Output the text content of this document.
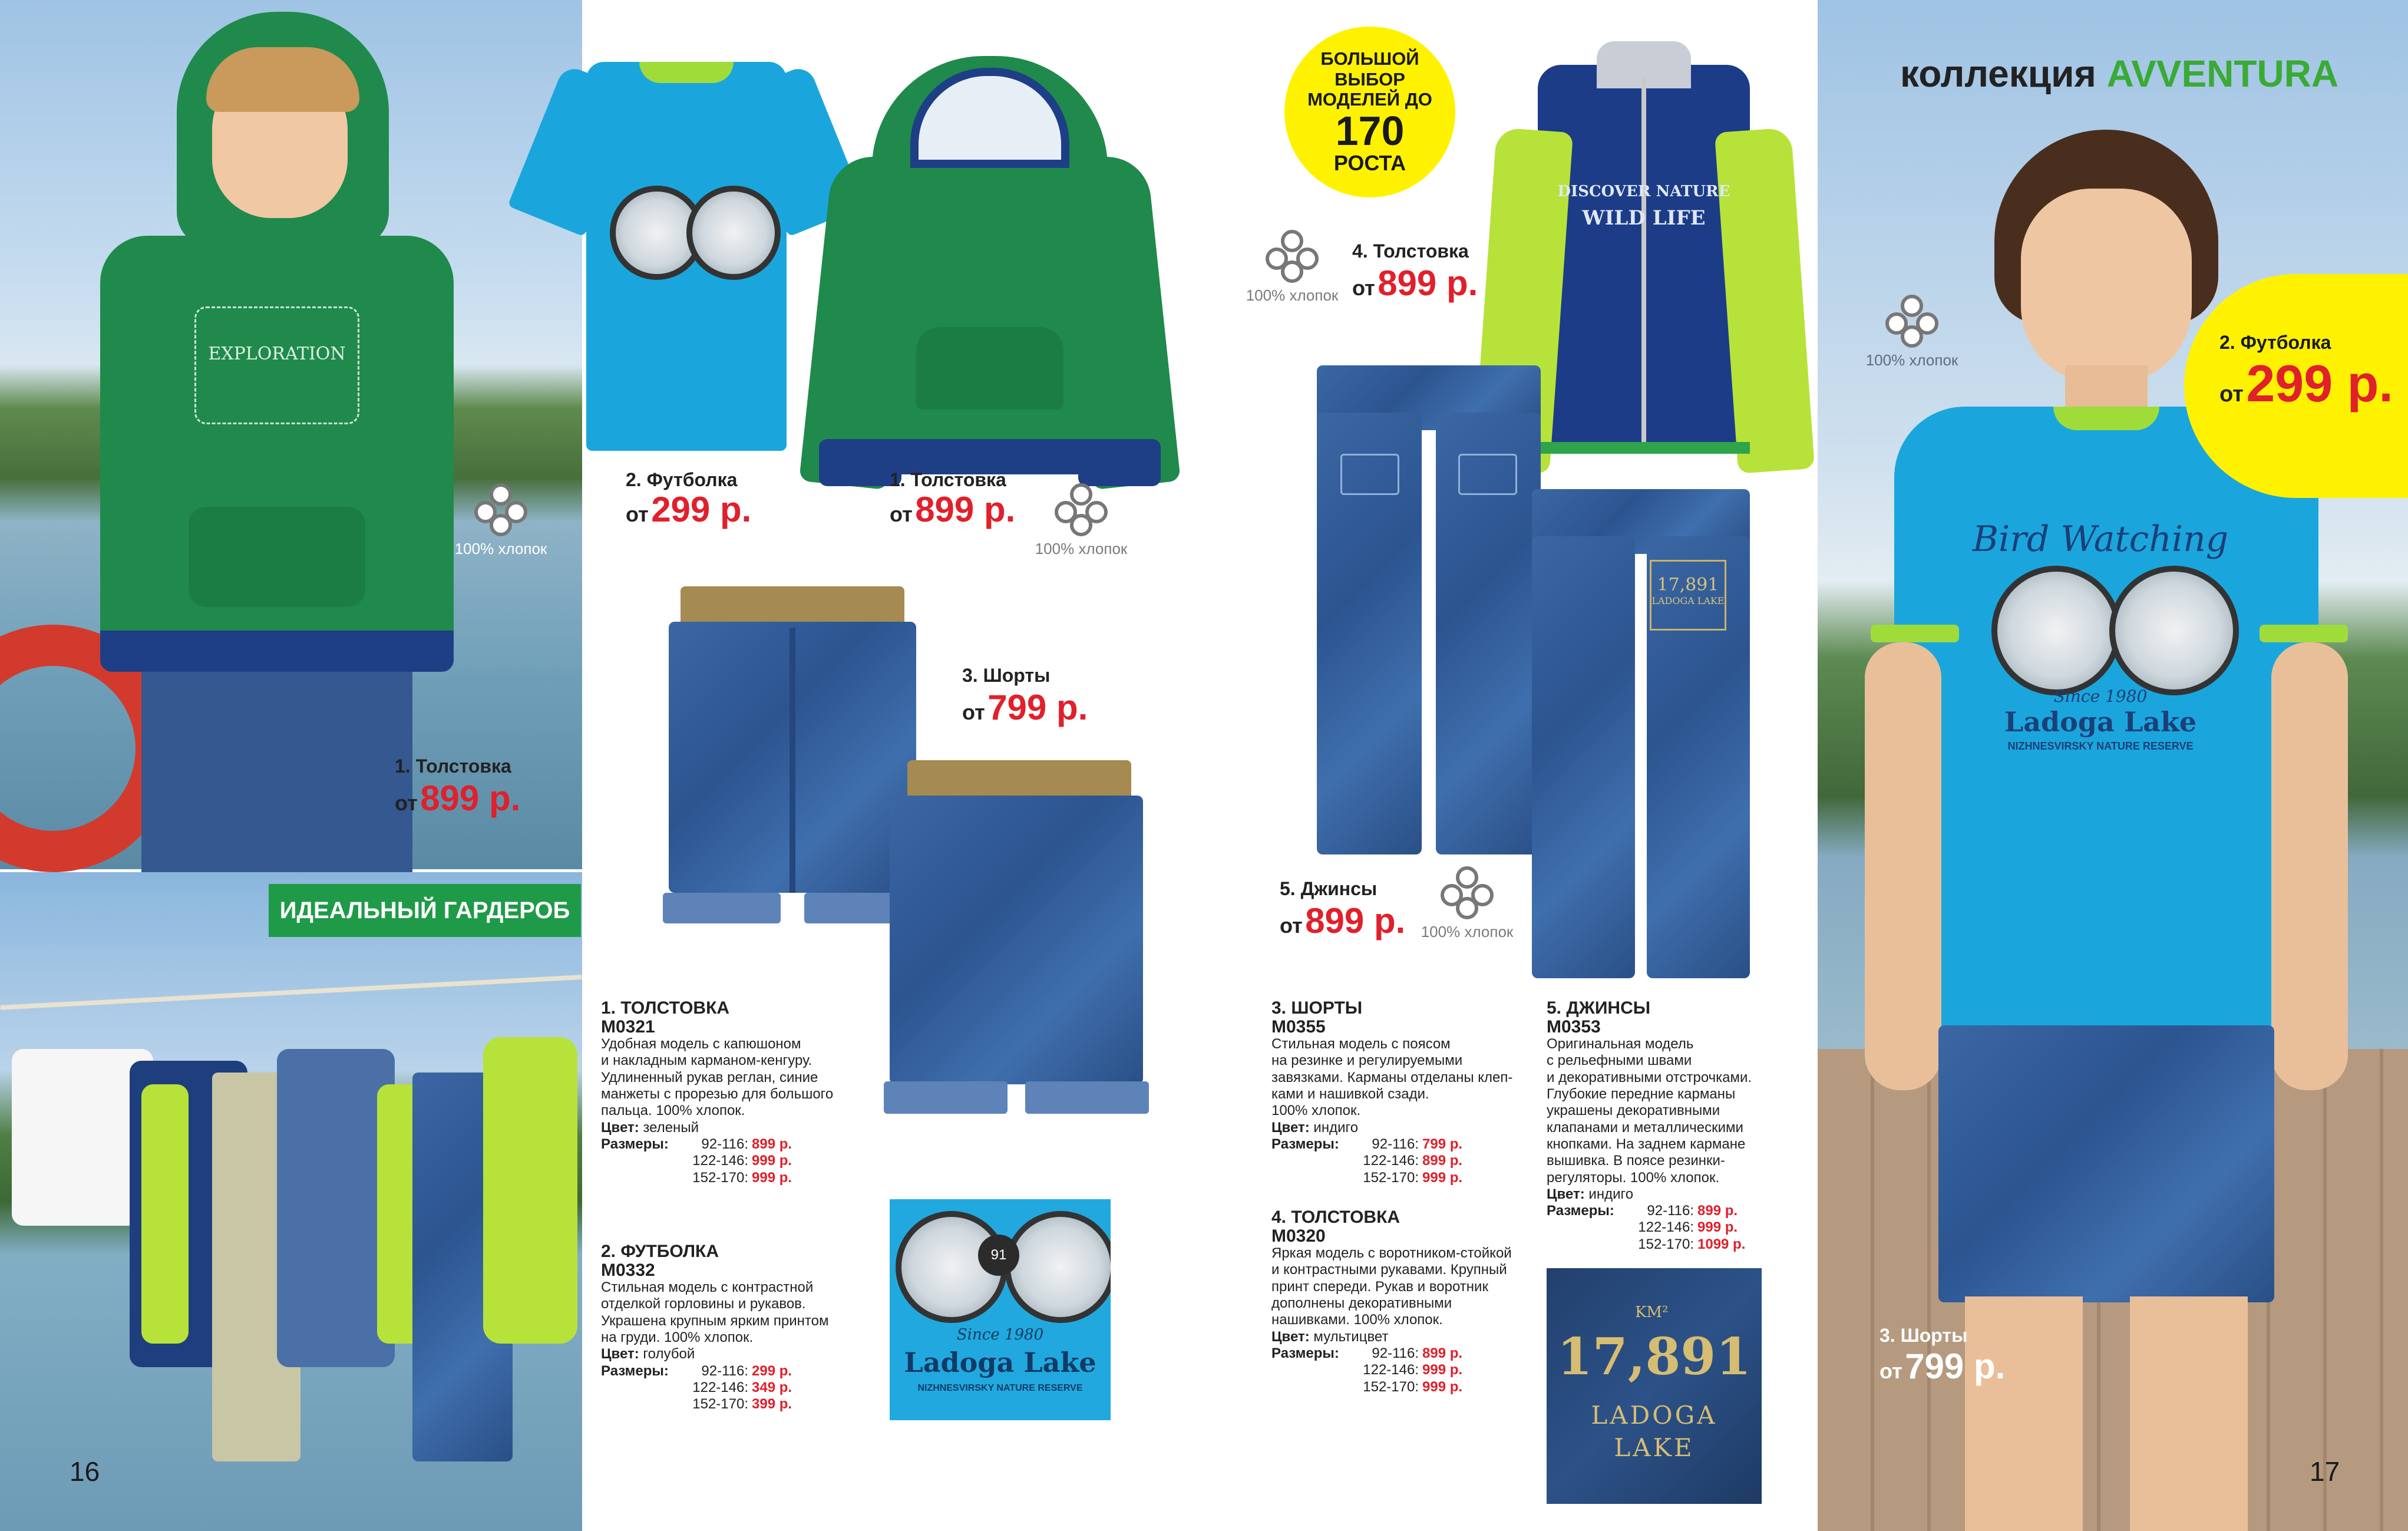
EXPLORATION
100% хлопок
1. Толстовка
от 899 р.
ИДЕАЛЬНЫЙ ГАРДЕРОБ
16
2. Футболка
от 299 р.
1. Толстовка
от 899 р.
100% хлопок
3. Шорты
от 799 р.
1. ТОЛСТОВКА
М0321

Удобная модель с капюшоном

и накладным карманом-кенгуру.

Удлиненный рукав реглан, синие

манжеты с прорезью для большого

пальца. 100% хлопок.

Цвет: зеленый

Размеры:	92-116:	899 р.
	122-146:	999 р.
	152-170:	999 р.
2. ФУТБОЛКА
М0332

Стильная модель с контрастной

отделкой горловины и рукавов.

Украшена крупным ярким принтом

на груди. 100% хлопок.

Цвет: голубой

Размеры:	92-116:	299 р.
	122-146:	349 р.
	152-170:	399 р.
91
Since 1980
Ladoga Lake
NIZHNESVIRSKY NATURE RESERVE
БОЛЬШОЙ
ВЫБОР
МОДЕЛЕЙ ДО
170
РОСТА
DISCOVER NATURE
WILD LIFE
100% хлопок
4. Толстовка
от 899 р.
17,891
LADOGA LAKE
5. Джинсы
от 899 р.	100% хлопок
3. ШОРТЫ
М0355

Стильная модель с поясом

на резинке и регулируемыми

завязками. Карманы отделаны клеп-

ками и нашивкой сзади.

100% хлопок.

Цвет: индиго

Размеры:	92-116:	799 р.
	122-146:	899 р.
	152-170:	999 р.
4. ТОЛСТОВКА
М0320

Яркая модель с воротником-стойкой

и контрастными рукавами. Крупный

принт спереди. Рукав и воротник

дополнены декоративными

нашивками. 100% хлопок.

Цвет: мультицвет

Размеры:	92-116:	899 р.
	122-146:	999 р.
	152-170:	999 р.
5. ДЖИНСЫ
М0353

Оригинальная модель

с рельефными швами

и декоративными отстрочками.

Глубокие передние карманы

украшены декоративными

клапанами и металлическими

кнопками. На заднем кармане

вышивка. В поясе резинки-

регуляторы. 100% хлопок.

Цвет: индиго

Размеры:	92-116:	899 р.
	122-146:	999 р.
	152-170:	1099 р.
KM²
17,891
LADOGA
LAKE
Bird Watching
Since 1980
Ladoga Lake
NIZHNESVIRSKY NATURE RESERVE
коллекция AVVENTURA
100% хлопок
2. Футболка
от 299 р.
3. Шорты
от 799 р.
17
